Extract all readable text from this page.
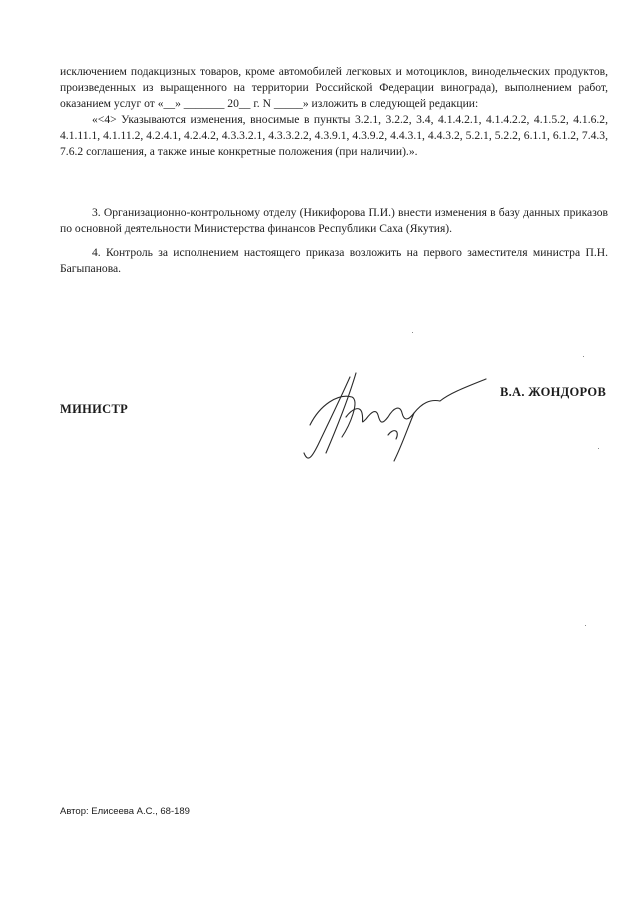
исключением подакцизных товаров, кроме автомобилей легковых и мотоциклов, винодельческих продуктов, произведенных из выращенного на территории Российской Федерации винограда), выполнением работ, оказанием услуг от «__» _______ 20__ г. N _____» изложить в следующей редакции:

«<4> Указываются изменения, вносимые в пункты 3.2.1, 3.2.2, 3.4, 4.1.4.2.1, 4.1.4.2.2, 4.1.5.2, 4.1.6.2, 4.1.11.1, 4.1.11.2, 4.2.4.1, 4.2.4.2, 4.3.3.2.1, 4.3.3.2.2, 4.3.9.1, 4.3.9.2, 4.4.3.1, 4.4.3.2, 5.2.1, 5.2.2, 6.1.1, 6.1.2, 7.4.3, 7.6.2 соглашения, а также иные конкретные положения (при наличии).».

3. Организационно-контрольному отделу (Никифорова П.И.) внести изменения в базу данных приказов по основной деятельности Министерства финансов Республики Саха (Якутия).

4. Контроль за исполнением настоящего приказа возложить на первого заместителя министра П.Н. Багыпанова.

МИНИСТР
В.А. ЖОНДОРОВ
Автор: Елисеева А.С., 68-189
